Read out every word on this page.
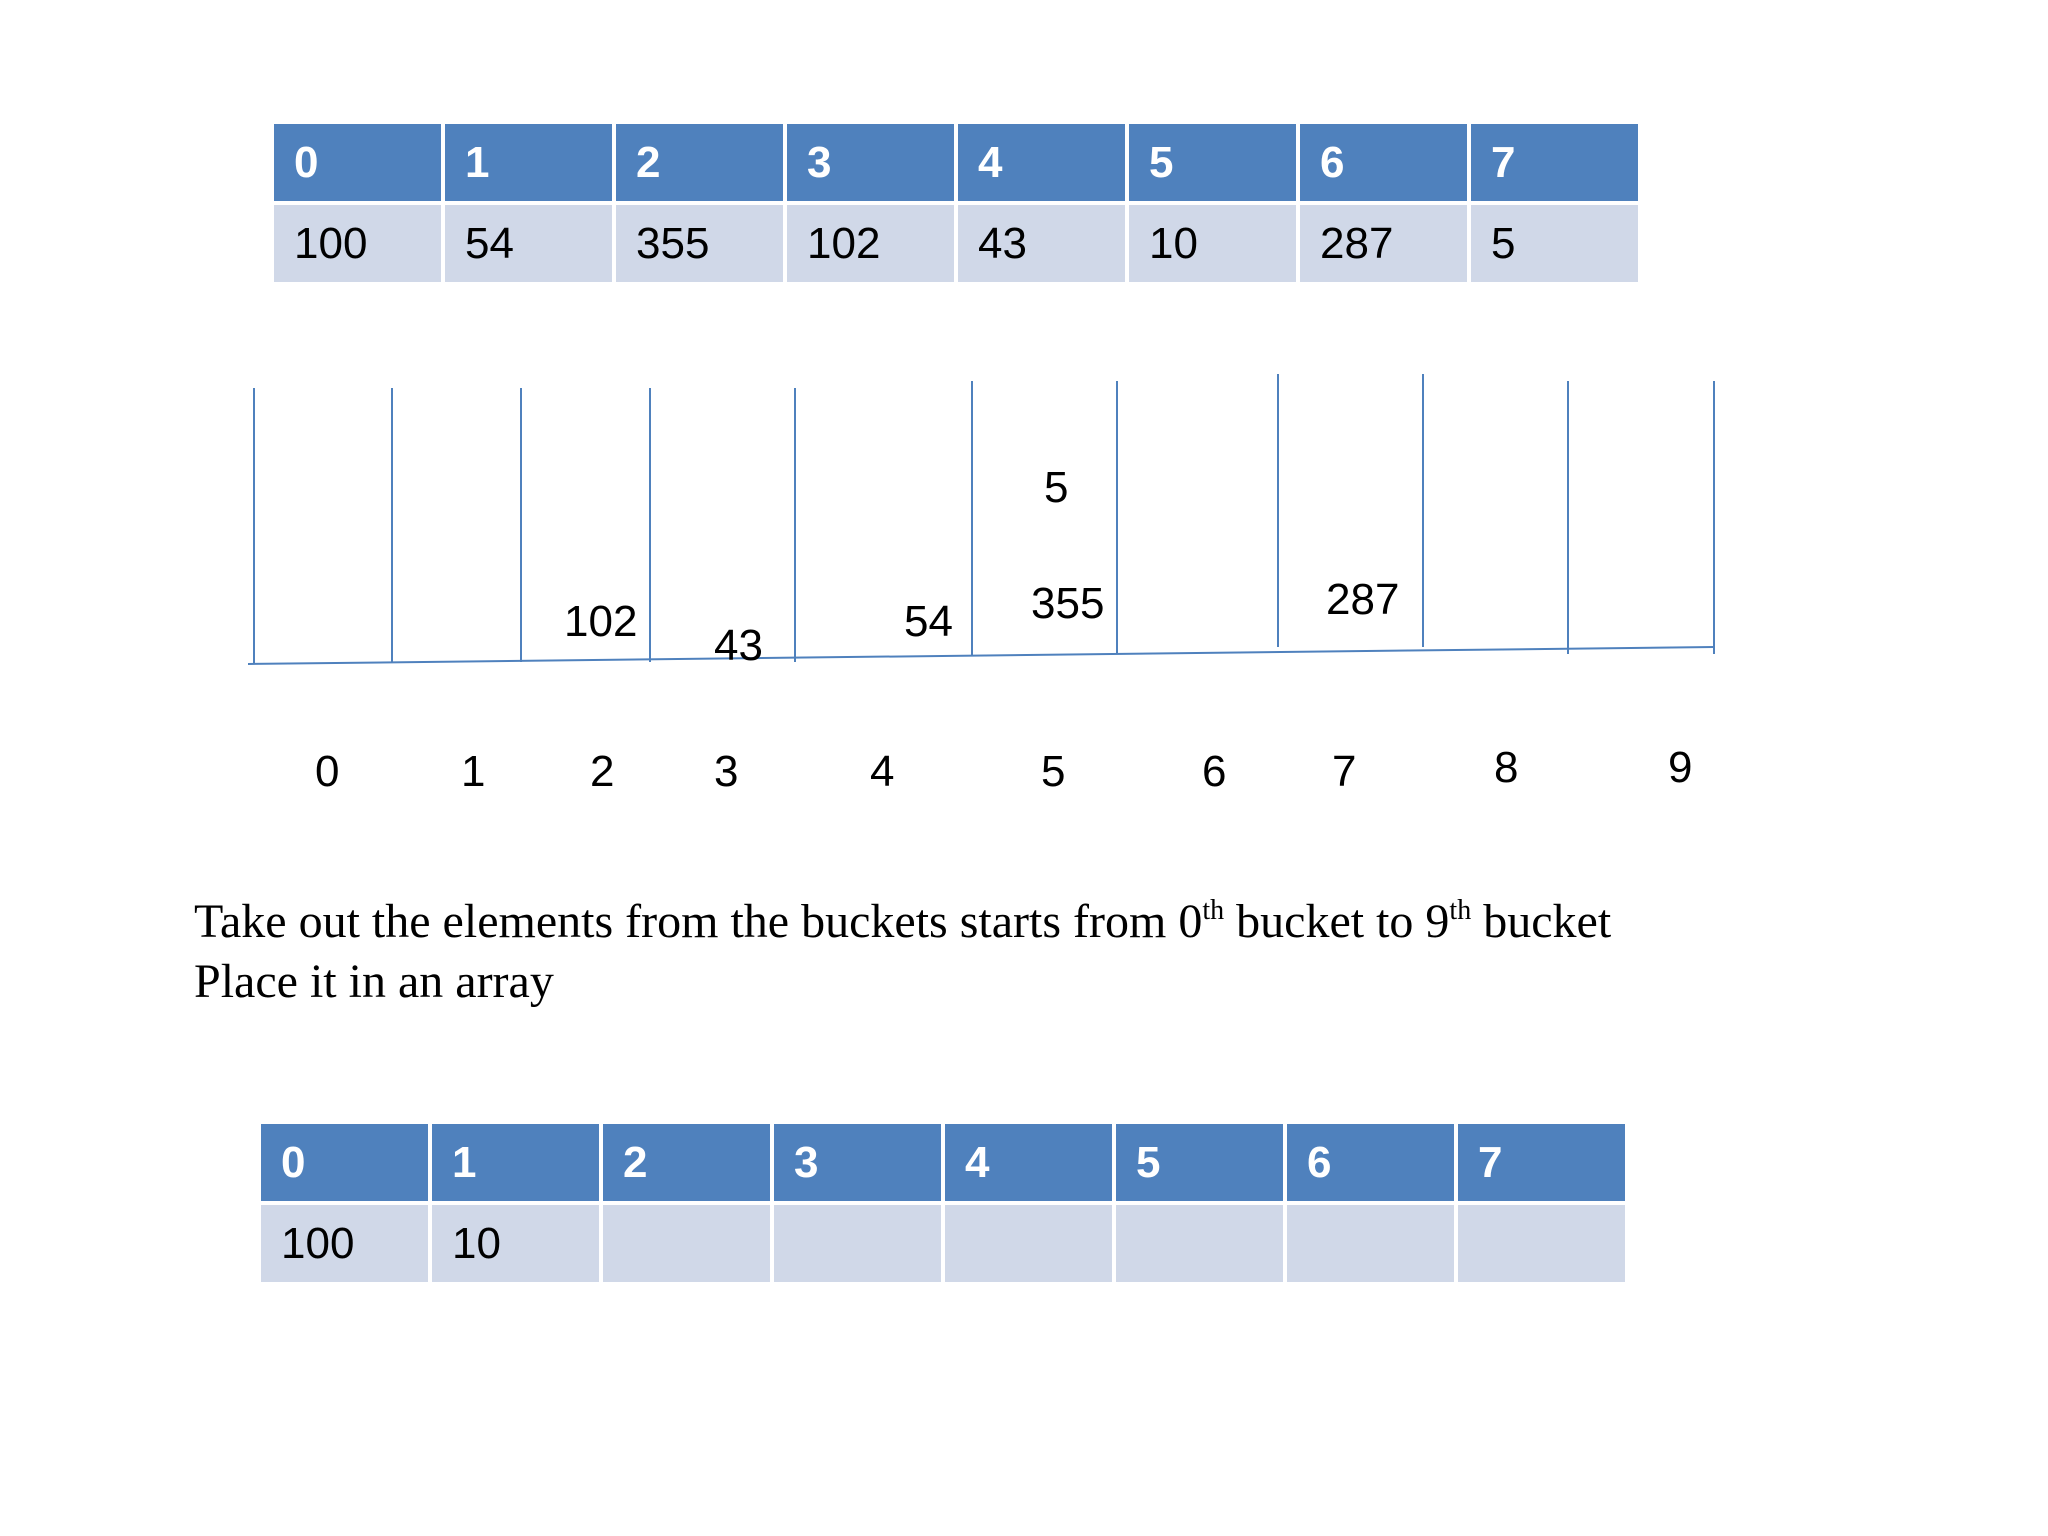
0	1	2	3	4	5	6	7
100	54	355	102	43	10	287	5
102 43	54 355
5
287
0	1 2 3	4	5	6 7	8	9
Take out the elements from the buckets starts from 0th bucket to 9th bucket
Place it in an array
0	1	2	3	4	5	6	7
100	10						
